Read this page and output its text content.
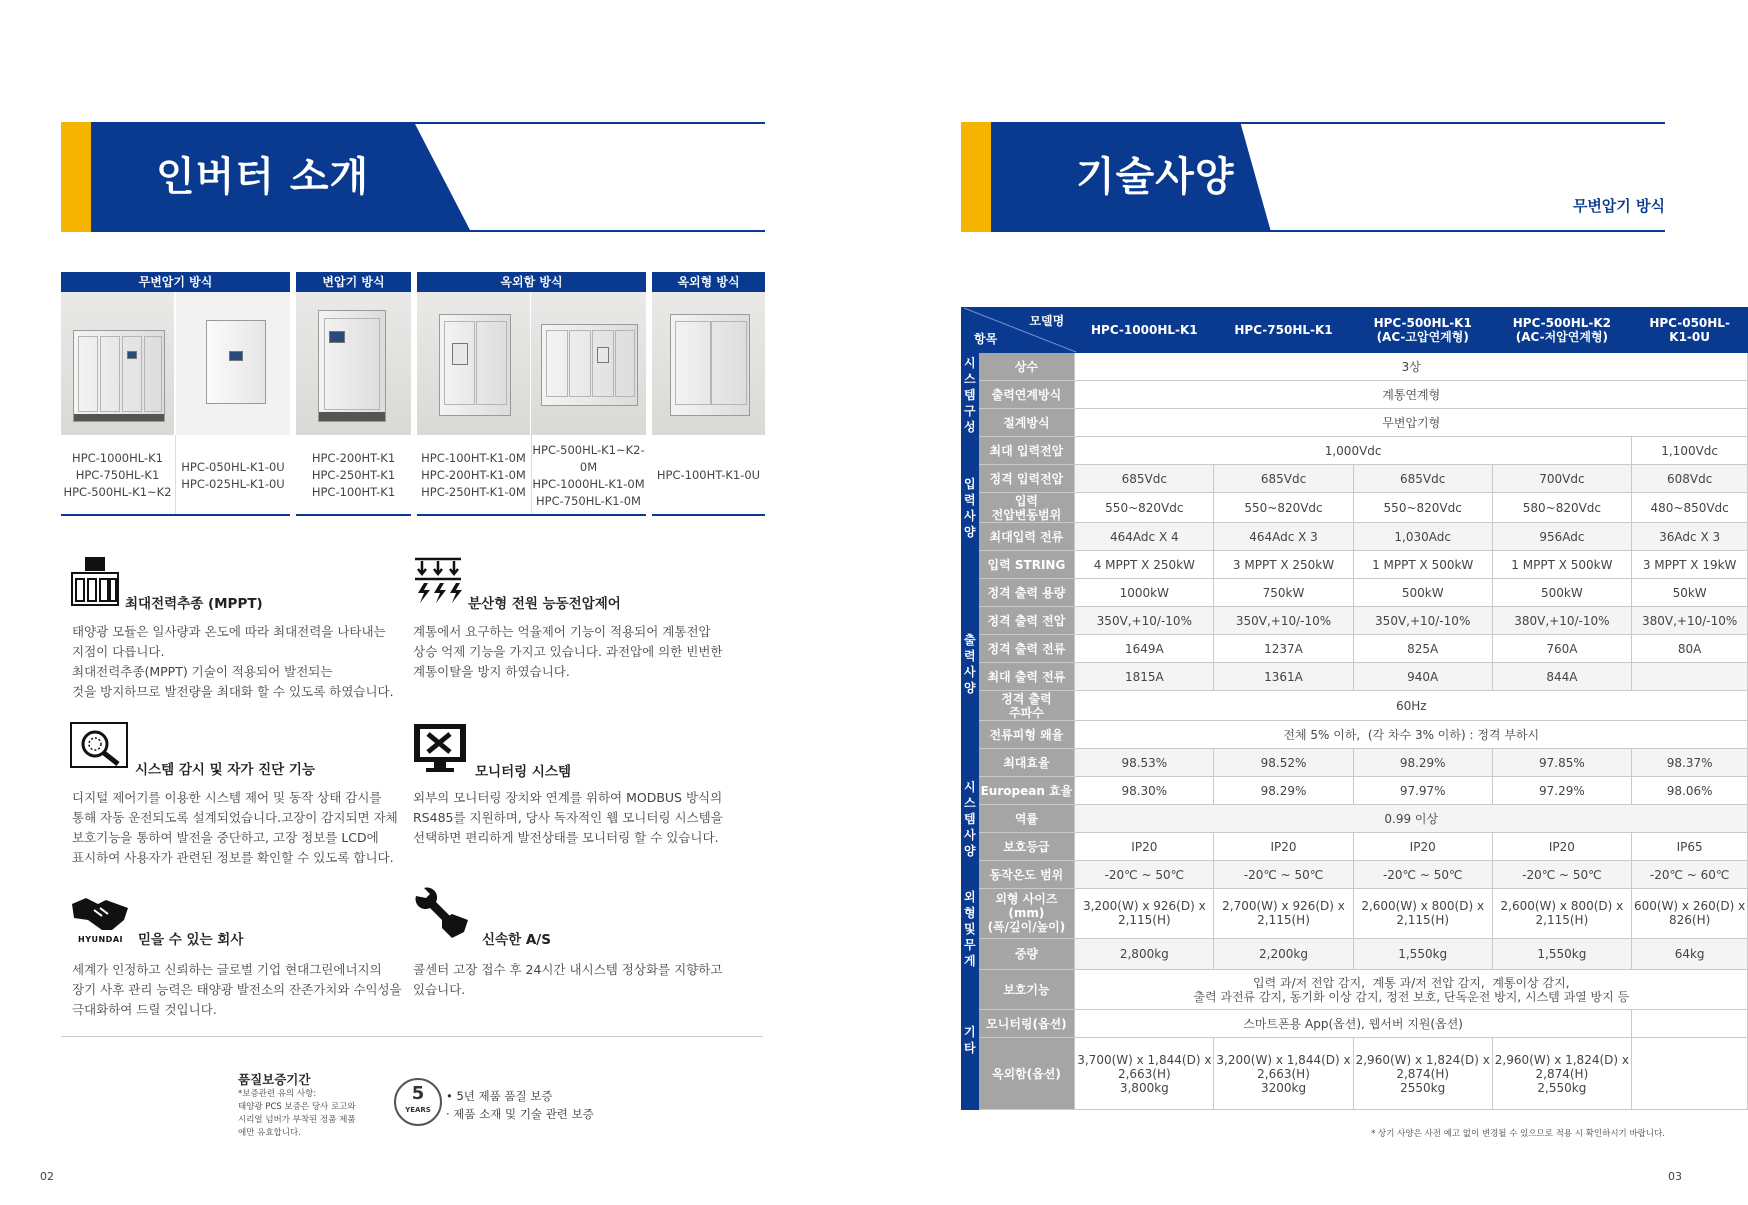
인버터 소개
무변압기 방식	변압기 방식	옥외함 방식	옥외형 방식
HPC-1000HL-K1
HPC-750HL-K1
HPC-500HL-K1~K2
HPC-050HL-K1-0U
HPC-025HL-K1-0U
HPC-200HT-K1
HPC-250HT-K1
HPC-100HT-K1
HPC-100HT-K1-0M
HPC-200HT-K1-0M
HPC-250HT-K1-0M
HPC-500HL-K1~K2-
0M
HPC-1000HL-K1-0M
HPC-750HL-K1-0M
HPC-100HT-K1-0U
최대전력추종 (MPPT)
태양광 모듈은 일사량과 온도에 따라 최대전력을 나타내는
지점이 다릅니다.
최대전력추종(MPPT) 기술이 적용되어 발전되는
것을 방지하므로 발전량을 최대화 할 수 있도록 하였습니다.
분산형 전원 능동전압제어
계통에서 요구하는 억율제어 기능이 적용되어 계통전압
상승 억제 기능을 가지고 있습니다. 과전압에 의한 빈번한
계통이탈을 방지 하였습니다.
시스템 감시 및 자가 진단 기능
디지털 제어기를 이용한 시스템 제어 및 동작 상태 감시를
통해 자동 운전되도록 설계되었습니다.고장이 감지되면 자체
보호기능을 통하여 발전을 중단하고, 고장 정보를 LCD에
표시하여 사용자가 관련된 정보를 확인할 수 있도록 합니다.
모니터링 시스템
외부의 모니터링 장치와 연계를 위하여 MODBUS 방식의
RS485를 지원하며, 당사 독자적인 웹 모니터링 시스템을
선택하면 편리하게 발전상태를 모니터링 할 수 있습니다.
HYUNDAI 믿을 수 있는 회사
세계가 인정하고 신뢰하는 글로벌 기업 현대그린에너지의
장기 사후 관리 능력은 태양광 발전소의 잔존가치와 수익성을
극대화하여 드릴 것입니다.
신속한 A/S
콜센터 고장 접수 후 24시간 내시스템 정상화를 지향하고
있습니다.
품질보증기간
*보증관련 유의 사항:
태양광 PCS 보증은 당사 로고와
시리얼 넘버가 부착된 정품 제품
에만 유효합니다.
5
YEARS
• 5년 제품 품질 보증
· 제품 소재 및 기술 관련 보증
02
기술사양
무변압기 방식
모델명
항목		HPC-1000HL-K1	HPC-750HL-K1	HPC-500HL-K1
(AC-고압연계형)	HPC-500HL-K2
(AC-저압연계형)	HPC-050HL-
K1-0U
시
스
템
구
성	상수	3상				
	출력연계방식	계통연계형				
	절계방식	무변압기형				
입
력
사
양	최대 입력전압	1,000Vdc				1,100Vdc
	정격 입력전압	685Vdc	685Vdc	685Vdc	700Vdc	608Vdc
	입력
전압변동범위	550~820Vdc	550~820Vdc	550~820Vdc	580~820Vdc	480~850Vdc
	최대입력 전류	464Adc X 4	464Adc X 3	1,030Adc	956Adc	36Adc X 3
	입력 STRING	4 MPPT X 250kW	3 MPPT X 250kW	1 MPPT X 500kW	1 MPPT X 500kW	3 MPPT X 19kW
출
력
사
양	정격 출력 용량	1000kW	750kW	500kW	500kW	50kW
	정격 출력 전압	350V,+10/-10%	350V,+10/-10%	350V,+10/-10%	380V,+10/-10%	380V,+10/-10%
	정격 출력 전류	1649A	1237A	825A	760A	80A
	최대 출력 전류	1815A	1361A	940A	844A	
	정격 출력
주파수	60Hz				
	전류피형 왜율	전체 5% 이하,  (각 차수 3% 이하) : 정격 부하시				
시
스
템
사
양	최대효율	98.53%	98.52%	98.29%	97.85%	98.37%
	European 효율	98.30%	98.29%	97.97%	97.29%	98.06%
	역률	0.99 이상				
	보호등급	IP20	IP20	IP20	IP20	IP65
	동작온도 범위	-20℃ ~ 50℃	-20℃ ~ 50℃	-20℃ ~ 50℃	-20℃ ~ 50℃	-20℃ ~ 60℃
외
형
및
무
게	외형 사이즈
(mm)
(폭/깊이/높이)	3,200(W) x 926(D) x
2,115(H)	2,700(W) x 926(D) x
2,115(H)	2,600(W) x 800(D) x
2,115(H)	2,600(W) x 800(D) x
2,115(H)	600(W) x 260(D) x
826(H)
	중량	2,800kg	2,200kg	1,550kg	1,550kg	64kg
기
타	보호기능	입력 과/저 전압 감지,  계통 과/저 전압 감지,  계통이상 감지,
출력 과전류 감지, 동기화 이상 감지, 정전 보호, 단독운전 방지, 시스템 과열 방지 등				
	모니터링(옵션)	스마트폰용 App(옵션), 웹서버 지원(옵션)				
	옥외함(옵션)	3,700(W) x 1,844(D) x
2,663(H)
3,800kg	3,200(W) x 1,844(D) x
2,663(H)
3200kg	2,960(W) x 1,824(D) x
2,874(H)
2550kg	2,960(W) x 1,824(D) x
2,874(H)
2,550kg	
* 상기 사양은 사전 예고 없이 변경될 수 있으므로 적용 시 확인하시기 바랍니다.
03
